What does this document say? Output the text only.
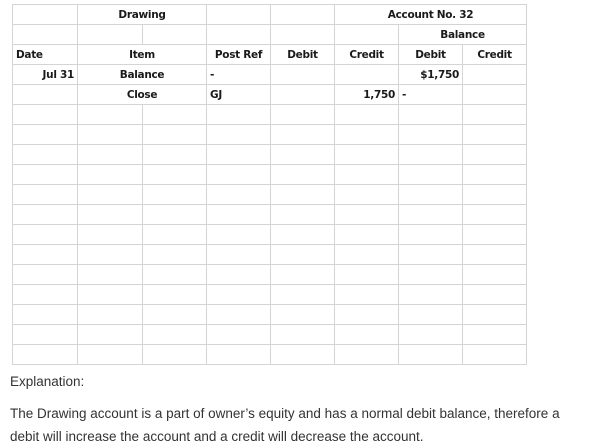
	Drawing				Account No. 32		
						Balance	
Date	Item		Post Ref	Debit	Credit	Debit	Credit
Jul 31	Balance		-			$1,750	
	Close		GJ		1,750	-	

Explanation:

The Drawing account is a part of owner’s equity and has a normal debit balance, therefore a debit will increase the account and a credit will decrease the account.
